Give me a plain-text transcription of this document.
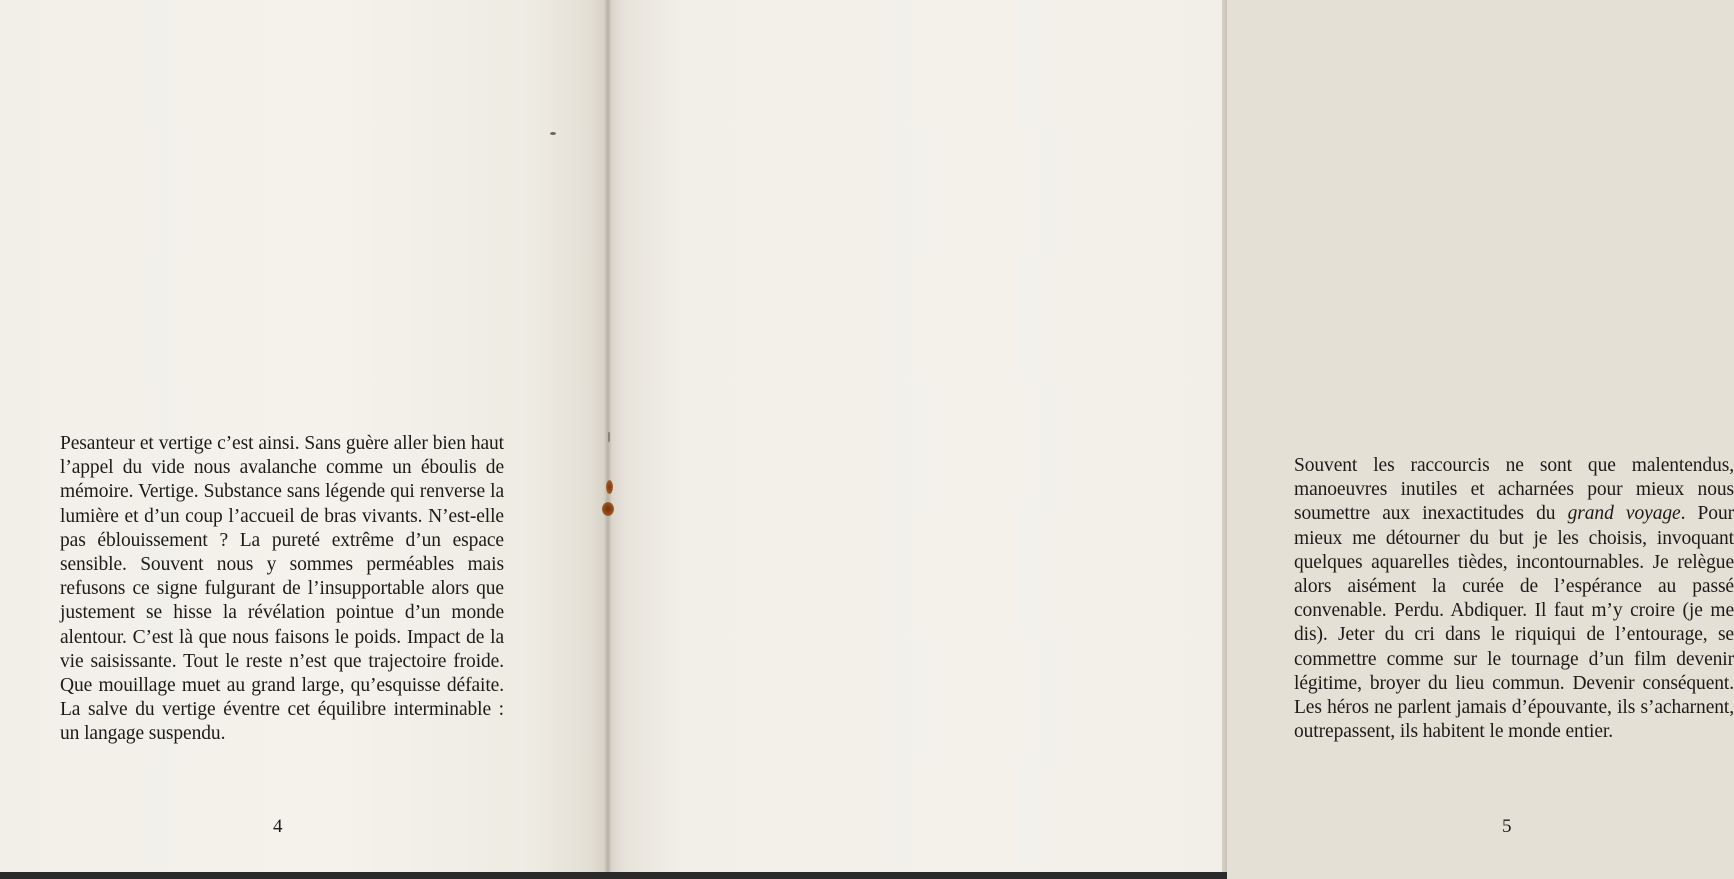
Pesanteur et vertige c’est ainsi. Sans guère aller bien haut l’appel du vide nous avalanche comme un éboulis de mémoire. Vertige. Substance sans légende qui renverse la lumière et d’un coup l’accueil de bras vivants. N’est-elle pas éblouissement ? La pureté extrême d’un espace sensible. Souvent nous y sommes perméables mais refusons ce signe fulgurant de l’insupportable alors que justement se hisse la révélation pointue d’un monde alentour. C’est là que nous faisons le poids. Impact de la vie saisissante. Tout le reste n’est que trajectoire froide. Que mouillage muet au grand large, qu’esquisse défaite. La salve du vertige éventre cet équilibre interminable : un langage suspendu.

4

Souvent les raccourcis ne sont que malentendus, manoeuvres inutiles et acharnées pour mieux nous soumettre aux inexactitudes du grand voyage. Pour mieux me détourner du but je les choisis, invoquant quelques aquarelles tièdes, incontournables. Je relègue alors aisément la curée de l’espérance au passé convenable. Perdu. Abdiquer. Il faut m’y croire (je me dis). Jeter du cri dans le riquiqui de l’entourage, se commettre comme sur le tournage d’un film devenir légitime, broyer du lieu commun. Devenir conséquent. Les héros ne parlent jamais d’épouvante, ils s’acharnent, outrepassent, ils habitent le monde entier.

5
